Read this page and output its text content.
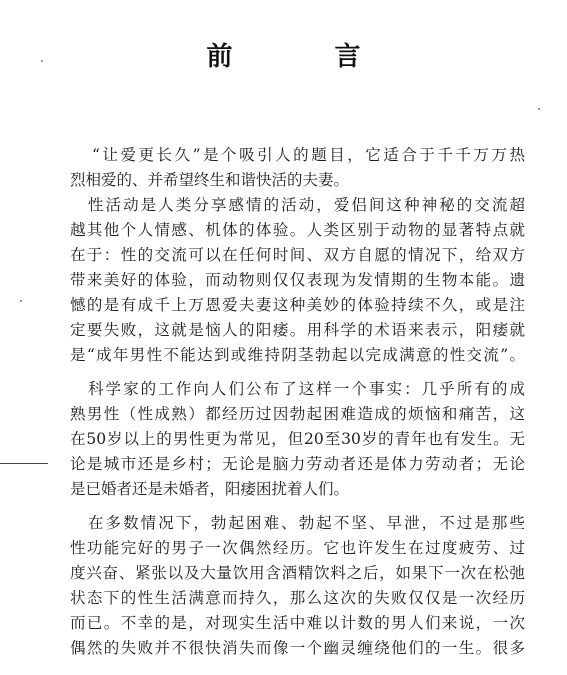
前　言
“让爱更长久”是个吸引人的题目，它适合于千千万万热
烈相爱的、并希望终生和谐快活的夫妻。
性活动是人类分享感情的活动，爱侣间这种神秘的交流超
越其他个人情感、机体的体验。人类区别于动物的显著特点就
在于：性的交流可以在任何时间、双方自愿的情况下，给双方
带来美好的体验，而动物则仅仅表现为发情期的生物本能。遗
憾的是有成千上万恩爱夫妻这种美妙的体验持续不久，或是注
定要失败，这就是恼人的阳痿。用科学的术语来表示，阳痿就
是“成年男性不能达到或维持阴茎勃起以完成满意的性交流”。
科学家的工作向人们公布了这样一个事实：几乎所有的成
熟男性（性成熟）都经历过因勃起困难造成的烦恼和痛苦，这
在50岁以上的男性更为常见，但20至30岁的青年也有发生。无
论是城市还是乡村；无论是脑力劳动者还是体力劳动者；无论
是已婚者还是未婚者，阳痿困扰着人们。
在多数情况下，勃起困难、勃起不坚、早泄，不过是那些
性功能完好的男子一次偶然经历。它也许发生在过度疲劳、过
度兴奋、紧张以及大量饮用含酒精饮料之后，如果下一次在松弛
状态下的性生活满意而持久，那么这次的失败仅仅是一次经历
而已。不幸的是，对现实生活中难以计数的男人们来说，一次
偶然的失败并不很快消失而像一个幽灵缠绕他们的一生。很多
